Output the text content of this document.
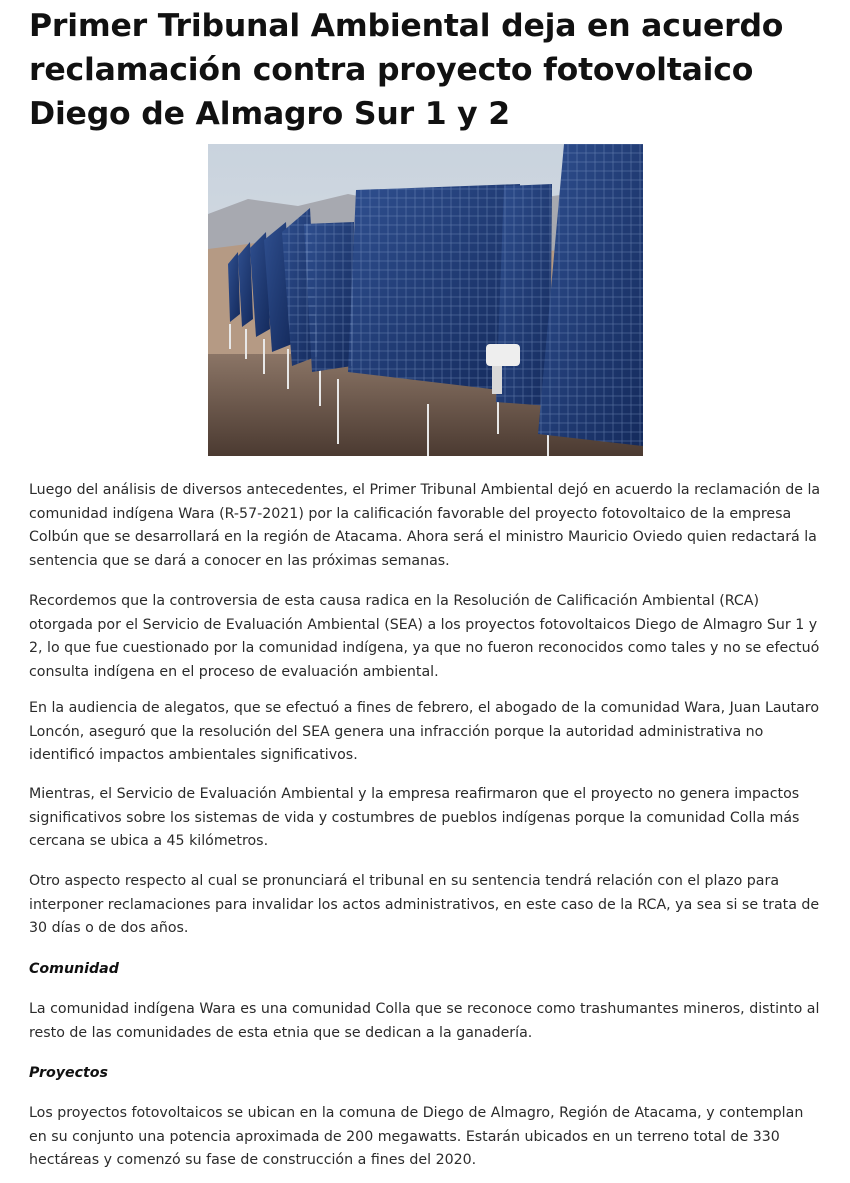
Primer Tribunal Ambiental deja en acuerdo reclamación contra proyecto fotovoltaico Diego de Almagro Sur 1 y 2

Luego del análisis de diversos antecedentes, el Primer Tribunal Ambiental dejó en acuerdo la reclamación de la comunidad indígena Wara (R-57-2021) por la calificación favorable del proyecto fotovoltaico de la empresa Colbún que se desarrollará en la región de Atacama. Ahora será el ministro Mauricio Oviedo quien redactará la sentencia que se dará a conocer en las próximas semanas.

Recordemos que la controversia de esta causa radica en la Resolución de Calificación Ambiental (RCA) otorgada por el Servicio de Evaluación Ambiental (SEA) a los proyectos fotovoltaicos Diego de Almagro Sur 1 y 2, lo que fue cuestionado por la comunidad indígena, ya que no fueron reconocidos como tales y no se efectuó consulta indígena en el proceso de evaluación ambiental.

En la audiencia de alegatos, que se efectuó a fines de febrero, el abogado de la comunidad Wara, Juan Lautaro Loncón, aseguró que la resolución del SEA genera una infracción porque la autoridad administrativa no identificó impactos ambientales significativos.

Mientras, el Servicio de Evaluación Ambiental y la empresa reafirmaron que el proyecto no genera impactos significativos sobre los sistemas de vida y costumbres de pueblos indígenas porque la comunidad Colla más cercana se ubica a 45 kilómetros.

Otro aspecto respecto al cual se pronunciará el tribunal en su sentencia tendrá relación con el plazo para interponer reclamaciones para invalidar los actos administrativos, en este caso de la RCA, ya sea si se trata de 30 días o de dos años.

Comunidad

La comunidad indígena Wara es una comunidad Colla que se reconoce como trashumantes mineros, distinto al resto de las comunidades de esta etnia que se dedican a la ganadería.

Proyectos

Los proyectos fotovoltaicos se ubican en la comuna de Diego de Almagro, Región de Atacama, y contemplan en su conjunto una potencia aproximada de 200 megawatts. Estarán ubicados en un terreno total de 330 hectáreas y comenzó su fase de construcción a fines del 2020.
